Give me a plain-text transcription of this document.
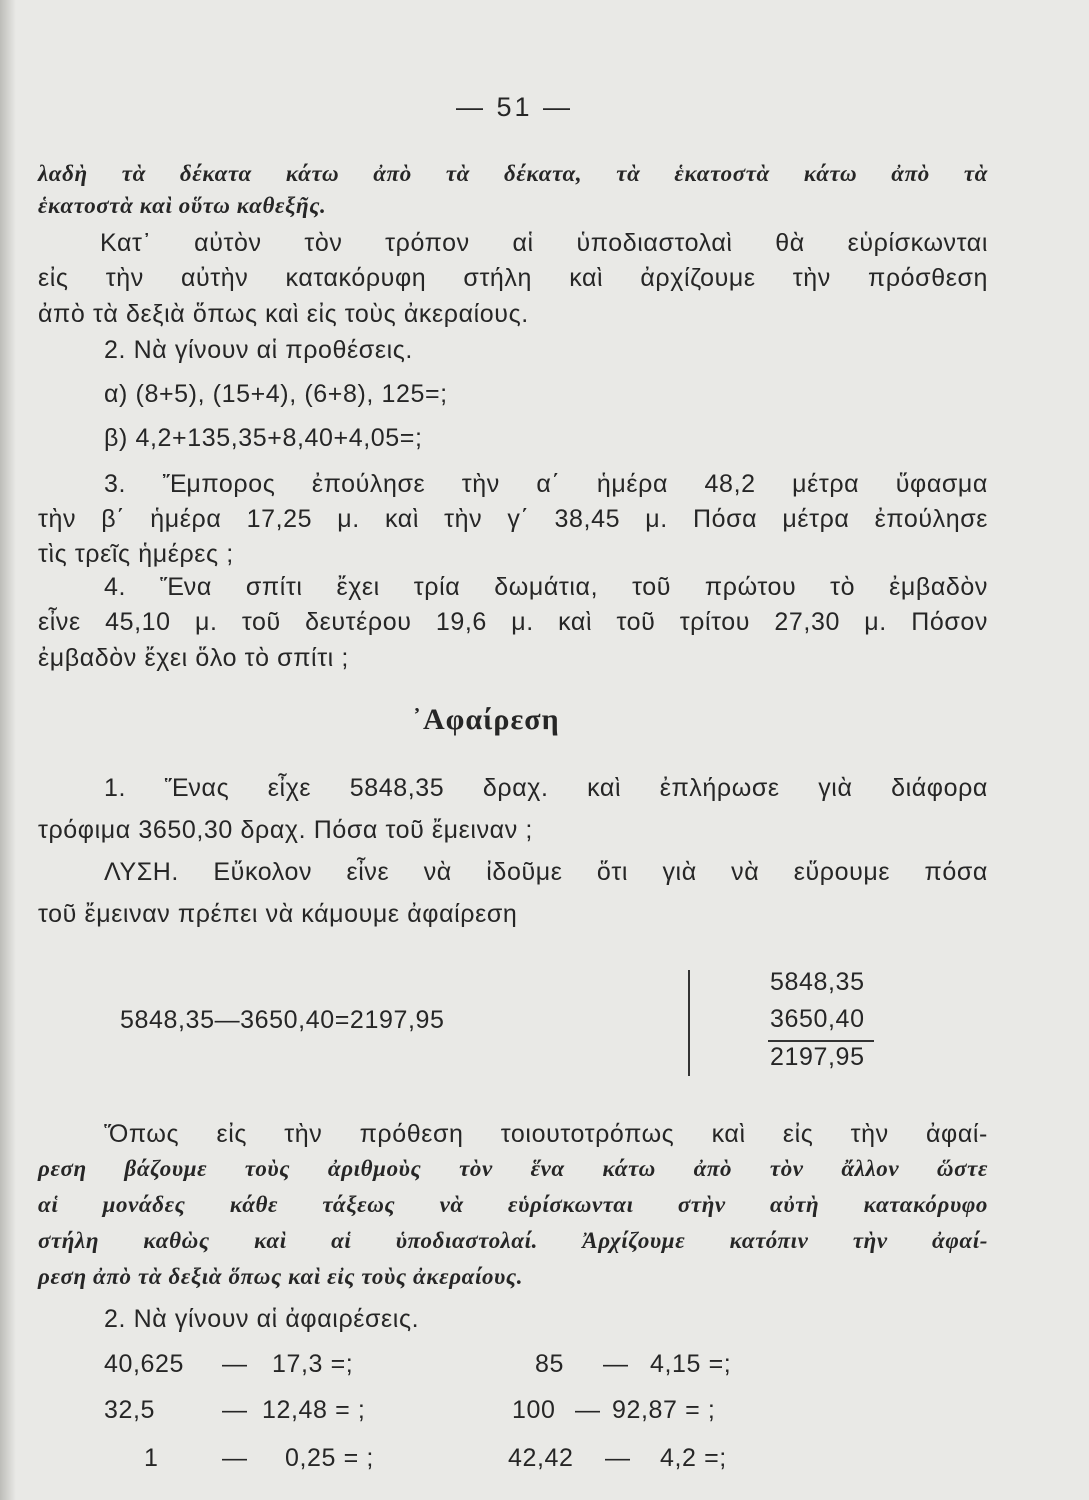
— 51 —
λαδὴ τὰ δέκατα κάτω ἀπὸ τὰ δέκατα, τὰ ἑκατοστὰ κάτω ἀπὸ τὰ
ἑκατοστὰ καὶ οὕτω καθεξῆς.
Κατ᾽ αὐτὸν τὸν τρόπον αἱ ὑποδιαστολαὶ θὰ εὑρίσκωνται
εἰς τὴν αὐτὴν κατακόρυφη στήλη καὶ ἀρχίζουμε τὴν πρόσθεση
ἀπὸ τὰ δεξιὰ ὅπως καὶ εἰς τοὺς ἀκεραίους.
2. Νὰ γίνουν αἱ προθέσεις.
α) (8+5), (15+4), (6+8), 125=;
β) 4,2+135,35+8,40+4,05=;
3. Ἔμπορος ἐπούλησε τὴν α΄ ἡμέρα 48,2 μέτρα ὕφασμα
τὴν β΄ ἡμέρα 17,25 μ. καὶ τὴν γ΄ 38,45 μ. Πόσα μέτρα ἐπούλησε
τὶς τρεῖς ἡμέρες ;
4. Ἕνα σπίτι ἔχει τρία δωμάτια, τοῦ πρώτου τὸ ἐμβαδὸν
εἶνε 45,10 μ. τοῦ δευτέρου 19,6 μ. καὶ τοῦ τρίτου 27,30 μ. Πόσον
ἐμβαδὸν ἔχει ὅλο τὸ σπίτι ;
᾿Αφαίρεση
1. Ἕνας εἶχε 5848,35 δραχ. καὶ ἐπλήρωσε γιὰ διάφορα
τρόφιμα 3650,30 δραχ. Πόσα τοῦ ἔμειναν ;
ΛΥΣΗ. Εὔκολον εἶνε νὰ ἰδοῦμε ὅτι γιὰ νὰ εὕρουμε πόσα
τοῦ ἔμειναν πρέπει νὰ κάμουμε ἀφαίρεση
5848,35—3650,40=2197,95
5848,35
3650,40
2197,95
Ὅπως εἰς τὴν πρόθεση τοιουτοτρόπως καὶ εἰς τὴν ἀφαί-
ρεση βάζουμε τοὺς ἀριθμοὺς τὸν ἕνα κάτω ἀπὸ τὸν ἄλλον ὥστε
αἱ μονάδες κάθε τάξεως νὰ εὑρίσκωνται στὴν αὐτὴ κατακόρυφο
στήλη καθὼς καὶ αἱ ὑποδιαστολαί. Ἀρχίζουμε κατόπιν τὴν ἀφαί-
ρεση ἀπὸ τὰ δεξιὰ ὅπως καὶ εἰς τοὺς ἀκεραίους.
2. Νὰ γίνουν αἱ ἀφαιρέσεις.
40,625 — 17,3 =;	85 — 4,15 =;
32,5	— 12,48 = ;	100 — 92,87 = ;
1	— 0,25 = ;	42,42 — 4,2 =;
